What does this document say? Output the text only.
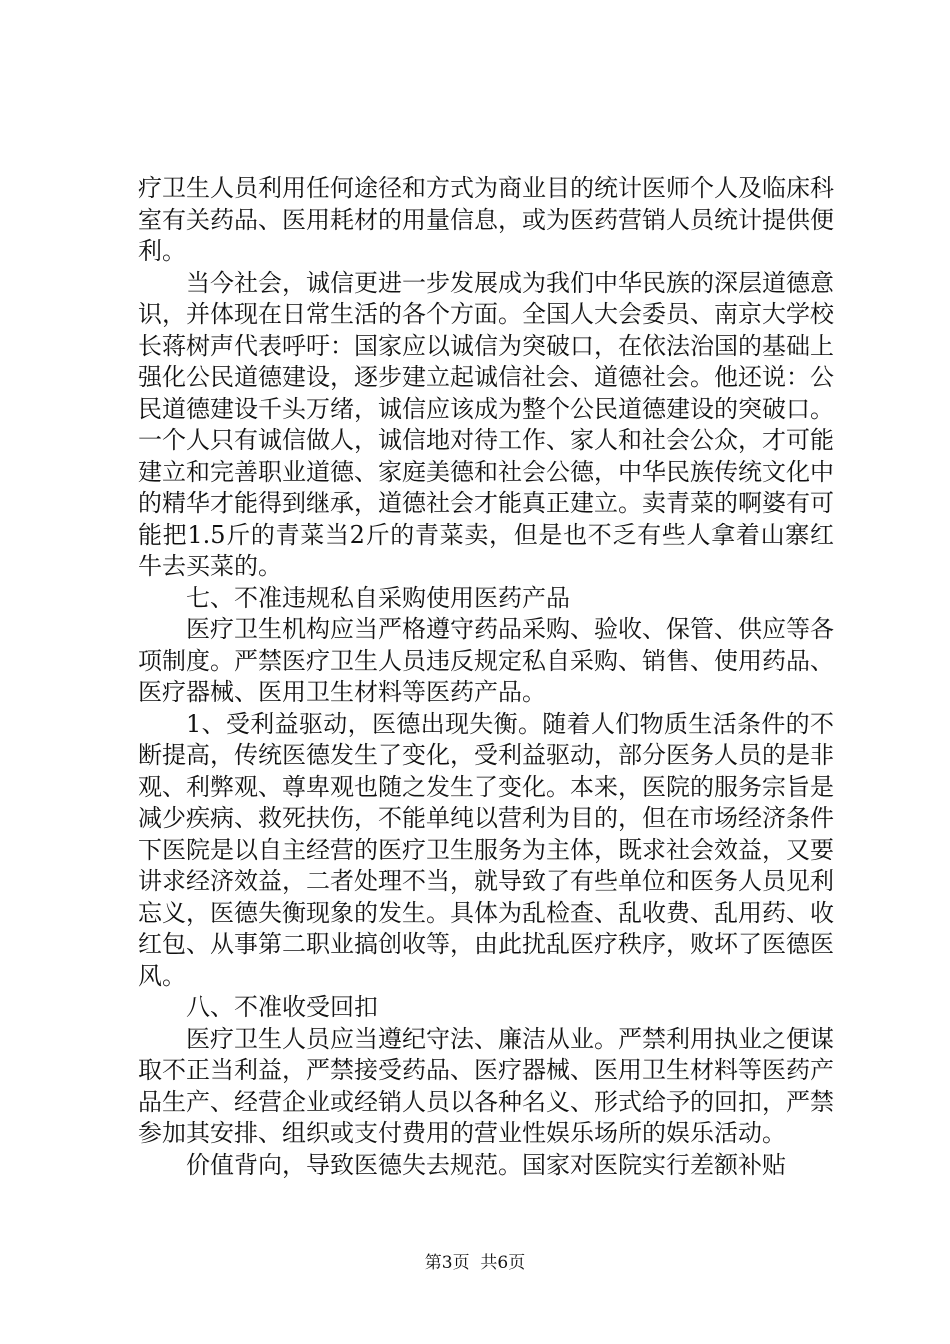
疗卫生人员利用任何途径和方式为商业目的统计医师个人及临床科室有关药品、医用耗材的用量信息，或为医药营销人员统计提供便利。

当今社会，诚信更进一步发展成为我们中华民族的深层道德意识，并体现在日常生活的各个方面。全国人大会委员、南京大学校长蒋树声代表呼吁：国家应以诚信为突破口，在依法治国的基础上强化公民道德建设，逐步建立起诚信社会、道德社会。他还说：公民道德建设千头万绪，诚信应该成为整个公民道德建设的突破口。一个人只有诚信做人，诚信地对待工作、家人和社会公众，才可能建立和完善职业道德、家庭美德和社会公德，中华民族传统文化中的精华才能得到继承，道德社会才能真正建立。卖青菜的啊婆有可能把1.5斤的青菜当2斤的青菜卖，但是也不乏有些人拿着山寨红牛去买菜的。

七、不准违规私自采购使用医药产品

医疗卫生机构应当严格遵守药品采购、验收、保管、供应等各项制度。严禁医疗卫生人员违反规定私自采购、销售、使用药品、医疗器械、医用卫生材料等医药产品。

1、受利益驱动，医德出现失衡。随着人们物质生活条件的不断提高，传统医德发生了变化，受利益驱动，部分医务人员的是非观、利弊观、尊卑观也随之发生了变化。本来，医院的服务宗旨是减少疾病、救死扶伤，不能单纯以营利为目的，但在市场经济条件下医院是以自主经营的医疗卫生服务为主体，既求社会效益，又要讲求经济效益，二者处理不当，就导致了有些单位和医务人员见利忘义，医德失衡现象的发生。具体为乱检查、乱收费、乱用药、收红包、从事第二职业搞创收等，由此扰乱医疗秩序，败坏了医德医风。

八、不准收受回扣

医疗卫生人员应当遵纪守法、廉洁从业。严禁利用执业之便谋取不正当利益，严禁接受药品、医疗器械、医用卫生材料等医药产品生产、经营企业或经销人员以各种名义、形式给予的回扣，严禁参加其安排、组织或支付费用的营业性娱乐场所的娱乐活动。

价值背向，导致医德失去规范。国家对医院实行差额补贴

第3页  共6页
